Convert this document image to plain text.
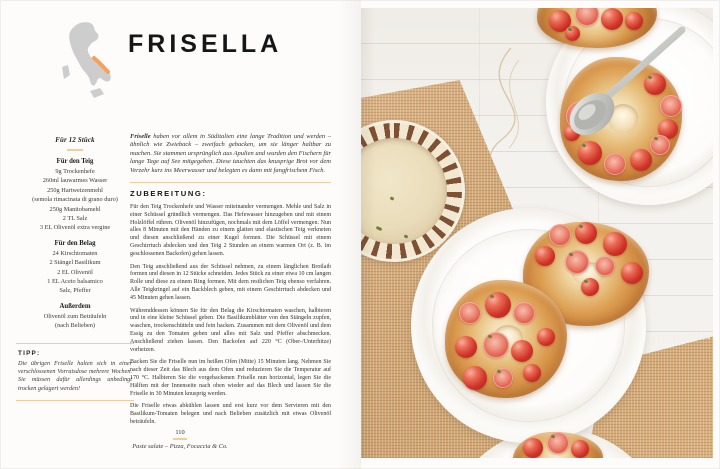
FRISELLA
Für 12 Stück
Für den Teig
9g Trockenhefe
260ml lauwarmes Wasser
250g Hartweizenmehl
(semola rimacinata di grano duro)
250g Manitobamehl
2 TL Salz
3 EL Olivenöl extra vergine
Für den Belag
24 Kirschtomaten
2 Stängel Basilikum
2 EL Olivenöl
1 EL Aceto balsamico
Salz, Pfeffer
Außerdem
Olivenöl zum Beträufeln
(nach Belieben)
TIPP:
Die übrigen Friselle halten sich in einer verschlossenen Vorratsdose mehrere Wochen. Sie müssen dafür allerdings unbedingt trocken gelagert werden!

Friselle haben vor allem in Süditalien eine lange Tradition und werden – ähnlich wie Zwieback – zweifach gebacken, um sie länger haltbar zu machen. Sie stammen ursprünglich aus Apulien und wurden den Fischern für lange Tage auf See mitgegeben. Diese tauchten das knusprige Brot vor dem Verzehr kurz ins Meerwasser und belegten es dann mit fangfrischem Fisch.

ZUBEREITUNG:

Für den Teig Trockenhefe und Wasser miteinander vermengen. Mehle und Salz in einer Schüssel gründlich vermengen. Das Hefewasser hinzugeben und mit einem Holzlöffel rühren. Olivenöl hinzufügen, nochmals mit dem Löffel vermengen. Nun alles 8 Minuten mit den Händen zu einem glatten und elastischen Teig verkneten und diesen anschließend zu einer Kugel formen. Die Schüssel mit einem Geschirrtuch abdecken und den Teig 2 Stunden an einem warmen Ort (z. B. im geschlossenen Backofen) gehen lassen.

Den Teig anschließend aus der Schüssel nehmen, zu einem länglichen Brotlaib formen und diesen in 12 Stücke schneiden. Jedes Stück zu einer etwa 10 cm langen Rolle und diese zu einem Ring formen. Mit dem restlichen Teig ebenso verfahren. Alle Teigkringel auf ein Backblech geben, mit einem Geschirrtuch abdecken und 45 Minuten gehen lassen.

Währenddessen können Sie für den Belag die Kirschtomaten waschen, halbieren und in eine kleine Schüssel geben. Die Basilikumblätter von den Stängeln zupfen, waschen, trockenschütteln und fein hacken. Zusammen mit dem Olivenöl und dem Essig zu den Tomaten geben und alles mit Salz und Pfeffer abschmecken. Anschließend ziehen lassen. Den Backofen auf 220 °C (Ober-/Unterhitze) vorheizen.

Backen Sie die Friselle nun im heißen Ofen (Mitte) 15 Minuten lang. Nehmen Sie nach dieser Zeit das Blech aus dem Ofen und reduzieren Sie die Temperatur auf 170 °C. Halbieren Sie die vorgebackenen Friselle nun horizontal, legen Sie die Hälften mit der Innenseite nach oben wieder auf das Blech und lassen Sie die Friselle in 30 Minuten knusprig werden.

Die Friselle etwas abkühlen lassen und erst kurz vor dem Servieren mit den Basilikum-Tomaten belegen und nach Belieben zusätzlich mit etwas Olivenöl beträufeln.

110
Paste salate – Pizza, Focaccia & Co.
